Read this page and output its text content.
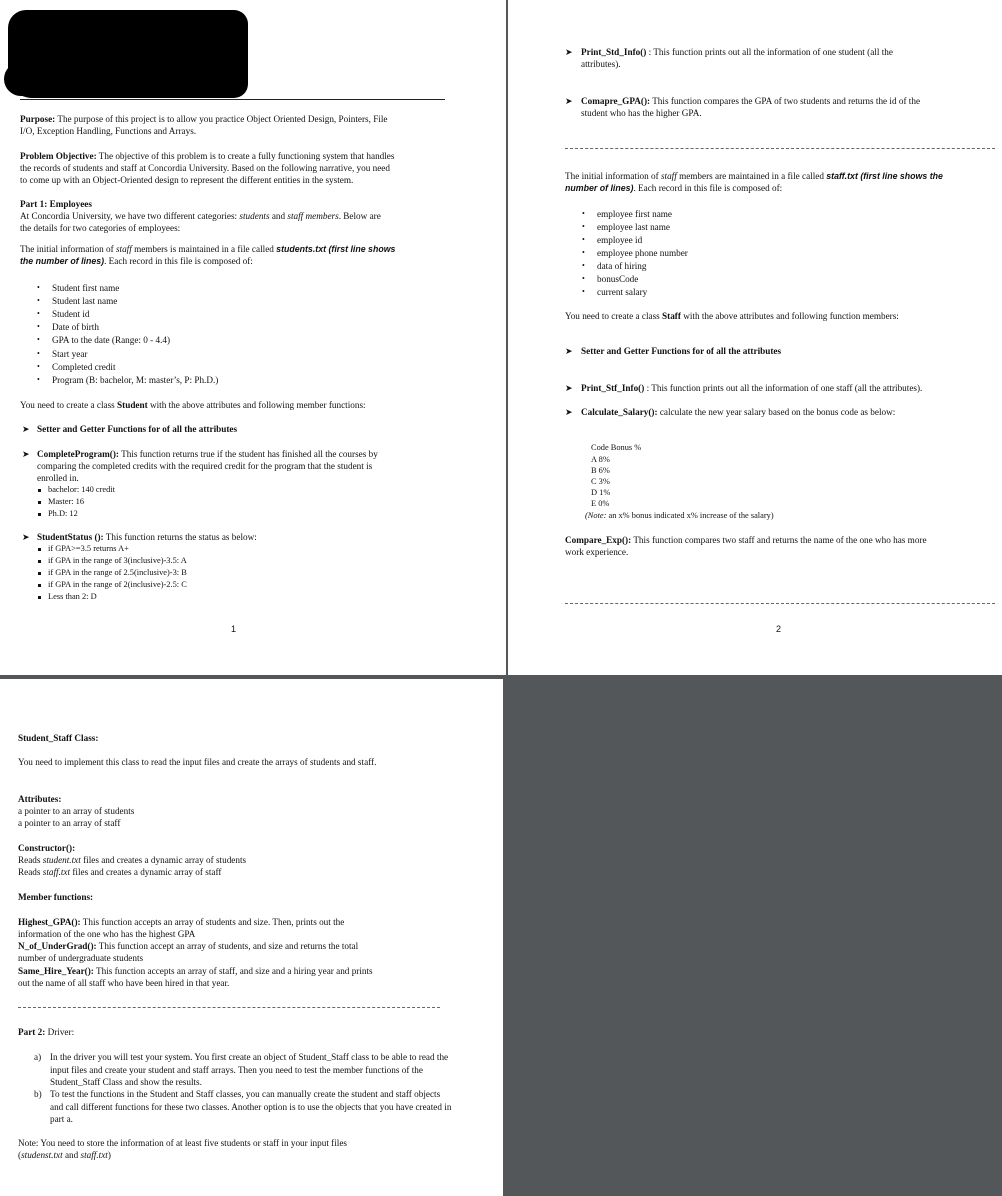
Purpose: The purpose of this project is to allow you practice Object Oriented Design, Pointers, File
I/O, Exception Handling, Functions and Arrays.
Problem Objective: The objective of this problem is to create a fully functioning system that handles
the records of students and staff at Concordia University. Based on the following narrative, you need
to come up with an Object-Oriented design to represent the different entities in the system.
Part 1: Employees
At Concordia University, we have two different categories: students and staff members. Below are
the details for two categories of employees:
The initial information of staff members is maintained in a file called students.txt (first line shows
the number of lines). Each record in this file is composed of:
• Student first name
• Student last name
• Student id
• Date of birth
• GPA to the date (Range: 0 - 4.4)
• Start year
• Completed credit
• Program (B: bachelor, M: master’s, P: Ph.D.)
You need to create a class Student with the above attributes and following member functions:
➤ Setter and Getter Functions for of all the attributes
➤ CompleteProgram(): This function returns true if the student has finished all the courses by
comparing the completed credits with the required credit for the program that the student is
enrolled in.
bachelor: 140 credit
Master: 16
Ph.D: 12
➤ StudentStatus (): This function returns the status as below:
if GPA>=3.5 returns A+
if GPA in the range of 3(inclusive)-3.5: A
if GPA in the range of 2.5(inclusive)-3: B
if GPA in the range of 2(inclusive)-2.5: C
Less than 2: D
1
➤ Print_Std_Info() : This function prints out all the information of one student (all the
attributes).
➤ Comapre_GPA(): This function compares the GPA of two students and returns the id of the
student who has the higher GPA.
The initial information of staff members are maintained in a file called staff.txt (first line shows the
number of lines). Each record in this file is composed of:
• employee first name
• employee last name
• employee id
• employee phone number
• data of hiring
• bonusCode
• current salary
You need to create a class Staff with the above attributes and following function members:
➤ Setter and Getter Functions for of all the attributes
➤ Print_Stf_Info() : This function prints out all the information of one staff (all the attributes).
➤ Calculate_Salary(): calculate the new year salary based on the bonus code as below:
Code Bonus %
A 8%
B 6%
C 3%
D 1%
E 0%
(Note: an x% bonus indicated x% increase of the salary)
Compare_Exp(): This function compares two staff and returns the name of the one who has more
work experience.
2
Student_Staff Class:
You need to implement this class to read the input files and create the arrays of students and staff.
Attributes:
a pointer to an array of students
a pointer to an array of staff
Constructor():
Reads student.txt files and creates a dynamic array of students
Reads staff.txt files and creates a dynamic array of staff
Member functions:
Highest_GPA(): This function accepts an array of students and size. Then, prints out the
information of the one who has the highest GPA
N_of_UnderGrad(): This function accept an array of students, and size and returns the total
number of undergraduate students
Same_Hire_Year(): This function accepts an array of staff, and size and a hiring year and prints
out the name of all staff who have been hired in that year.
Part 2: Driver:
a) In the driver you will test your system. You first create an object of Student_Staff class to be able to read the input files and create your student and staff arrays. Then you need to test the member functions of the Student_Staff Class and show the results.
b) To test the functions in the Student and Staff classes, you can manually create the student and staff objects and call different functions for these two classes. Another option is to use the objects that you have created in part a.
Note: You need to store the information of at least five students or staff in your input files
(studenst.txt and staff.txt)
